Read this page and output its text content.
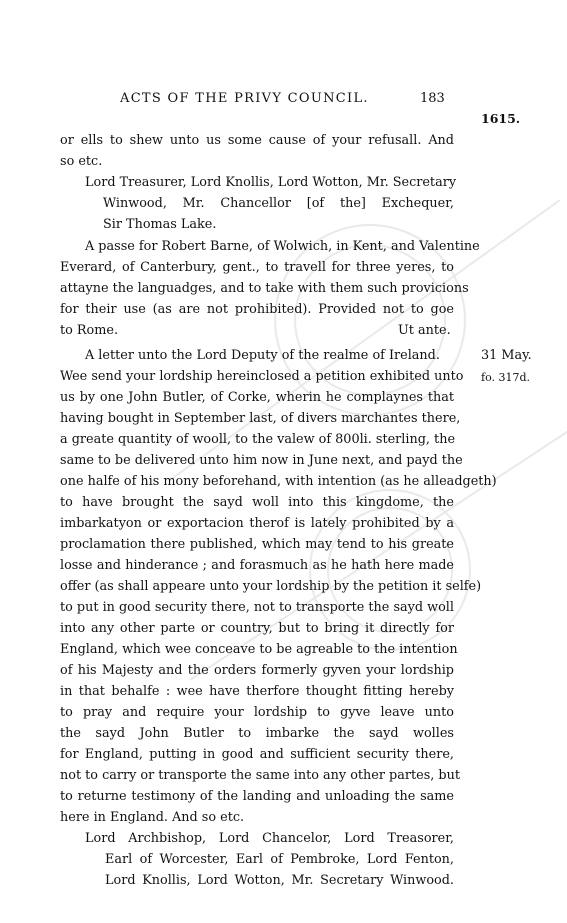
ACTS OF THE PRIVY COUNCIL.	183
1615.
or ells to shew unto us some cause of your refusall. And
so etc.
Lord Treasurer, Lord Knollis, Lord Wotton, Mr. Secretary
Winwood, Mr. Chancellor [of the] Exchequer,
Sir Thomas Lake.
A passe for Robert Barne, of Wolwich, in Kent, and Valentine
Everard, of Canterbury, gent., to travell for three yeres, to
attayne the languadges, and to take with them such provicions
for their use (as are not prohibited). Provided not to goe
to Rome.	Ut ante.
A letter unto the Lord Deputy of the realme of Ireland.	31 May.
Wee send your lordship hereinclosed a petition exhibited unto fo. 317d.
us by one John Butler, of Corke, wherin he complaynes that
having bought in September last, of divers marchantes there,
a greate quantity of wooll, to the valew of 800li. sterling, the
same to be delivered unto him now in June next, and payd the
one halfe of his mony beforehand, with intention (as he alleadgeth)
to have brought the sayd woll into this kingdome, the
imbarkatyon or exportacion therof is lately prohibited by a
proclamation there published, which may tend to his greate
losse and hinderance ; and forasmuch as he hath here made
offer (as shall appeare unto your lordship by the petition it selfe)
to put in good security there, not to transporte the sayd woll
into any other parte or country, but to bring it directly for
England, which wee conceave to be agreable to the intention
of his Majesty and the orders formerly gyven your lordship
in that behalfe : wee have therfore thought fitting hereby
to pray and require your lordship to gyve leave unto
the sayd John Butler to imbarke the sayd wolles
for England, putting in good and sufficient security there,
not to carry or transporte the same into any other partes, but
to returne testimony of the landing and unloading the same
here in England. And so etc.
Lord Archbishop, Lord Chancelor, Lord Treasorer,
Earl of Worcester, Earl of Pembroke, Lord Fenton,
Lord Knollis, Lord Wotton, Mr. Secretary Winwood.
